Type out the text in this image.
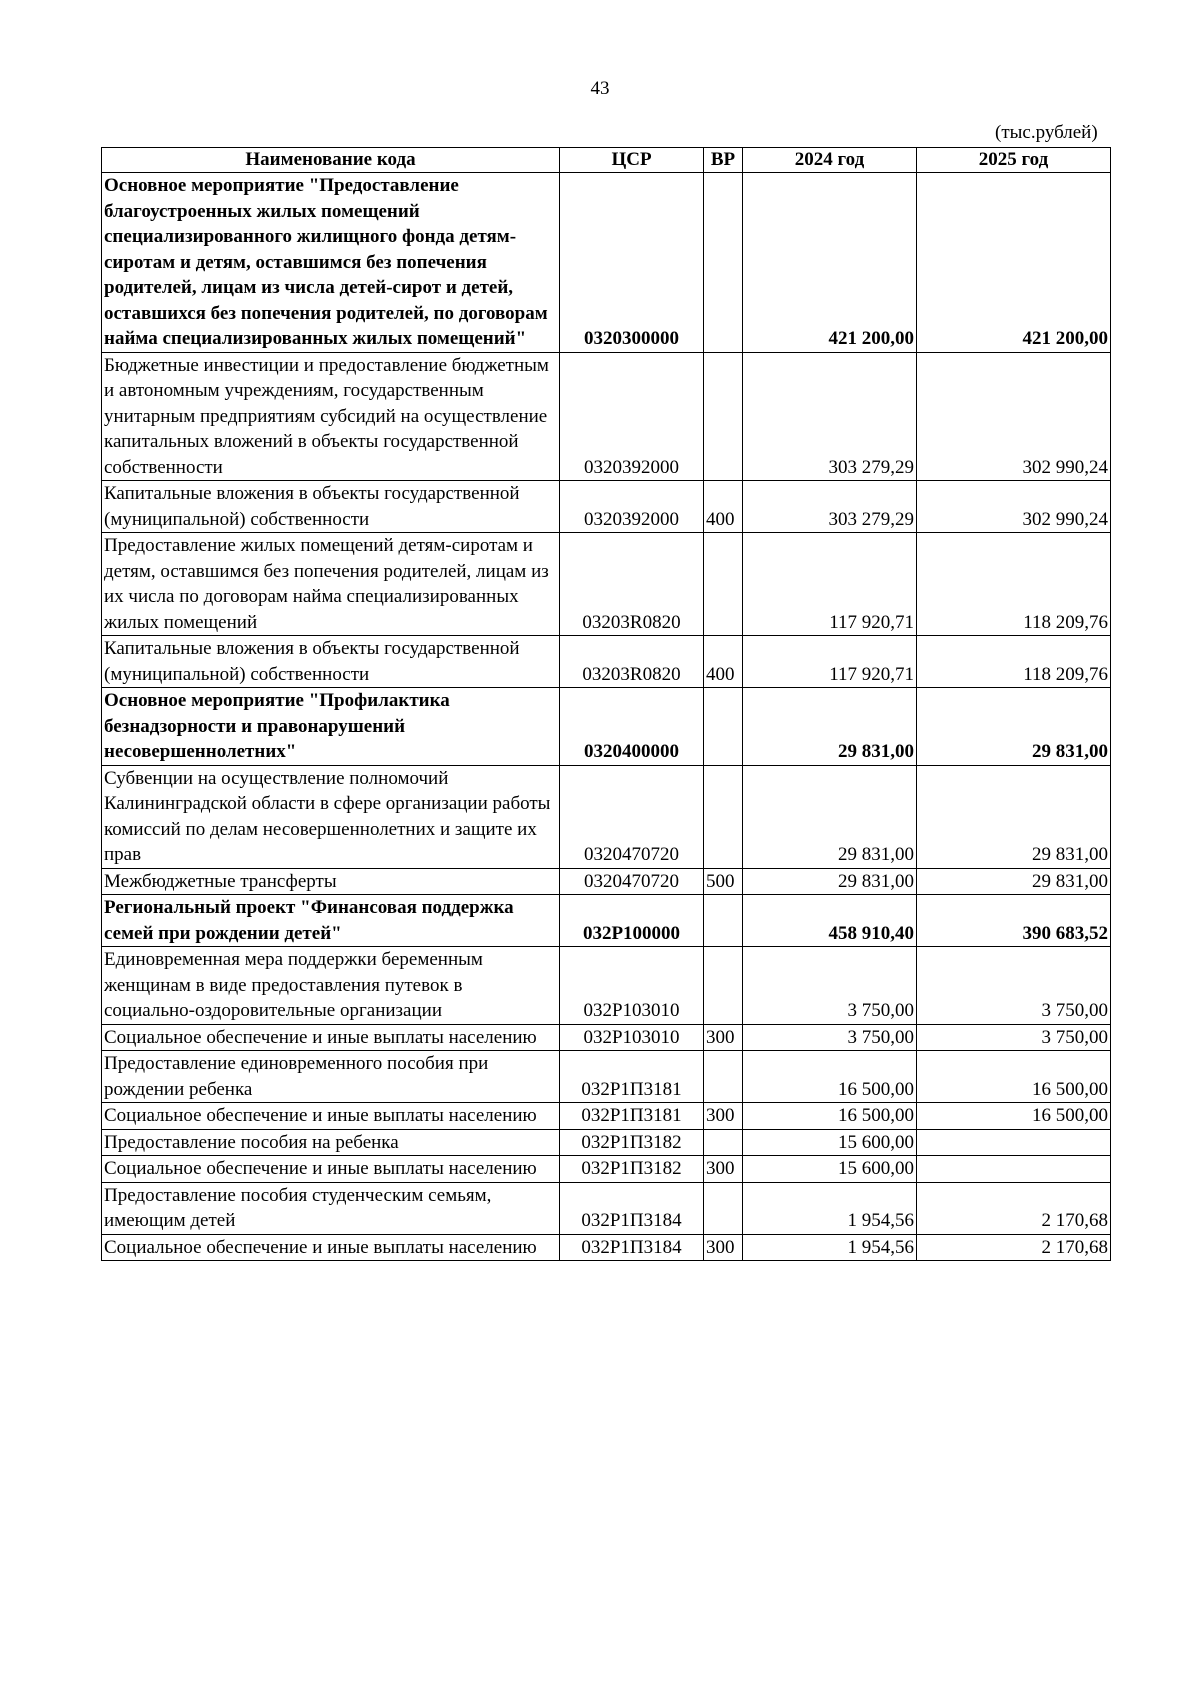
43
(тыс.рублей)
Наименование кода	ЦСР	ВР	2024 год	2025 год
Основное мероприятие "Предоставление благоустроенных жилых помещений специализированного жилищного фонда детям-сиротам и детям, оставшимся без попечения родителей, лицам из числа детей-сирот и детей, оставшихся без попечения родителей, по договорам найма специализированных жилых помещений"	0320300000		421 200,00	421 200,00
Бюджетные инвестиции и предоставление бюджетным и автономным учреждениям, государственным унитарным предприятиям субсидий на осуществление капитальных вложений в объекты государственной собственности	0320392000		303 279,29	302 990,24
Капитальные вложения в объекты государственной (муниципальной) собственности	0320392000	400	303 279,29	302 990,24
Предоставление жилых помещений детям-сиротам и детям, оставшимся без попечения родителей, лицам из их числа по договорам найма специализированных жилых помещений	03203R0820		117 920,71	118 209,76
Капитальные вложения в объекты государственной (муниципальной) собственности	03203R0820	400	117 920,71	118 209,76
Основное мероприятие "Профилактика безнадзорности и правонарушений несовершеннолетних"	0320400000		29 831,00	29 831,00
Субвенции на осуществление полномочий Калининградской области в сфере организации работы комиссий по делам несовершеннолетних и защите их прав	0320470720		29 831,00	29 831,00
Межбюджетные трансферты	0320470720	500	29 831,00	29 831,00
Региональный проект "Финансовая поддержка семей при рождении детей"	032P100000		458 910,40	390 683,52
Единовременная мера поддержки беременным женщинам в виде предоставления путевок в социально-оздоровительные организации	032P103010		3 750,00	3 750,00
Социальное обеспечение и иные выплаты населению	032P103010	300	3 750,00	3 750,00
Предоставление единовременного пособия при рождении ребенка	032P1П3181		16 500,00	16 500,00
Социальное обеспечение и иные выплаты населению	032P1П3181	300	16 500,00	16 500,00
Предоставление пособия на ребенка	032P1П3182		15 600,00	
Социальное обеспечение и иные выплаты населению	032P1П3182	300	15 600,00	
Предоставление пособия студенческим семьям, имеющим детей	032P1П3184		1 954,56	2 170,68
Социальное обеспечение и иные выплаты населению	032P1П3184	300	1 954,56	2 170,68
